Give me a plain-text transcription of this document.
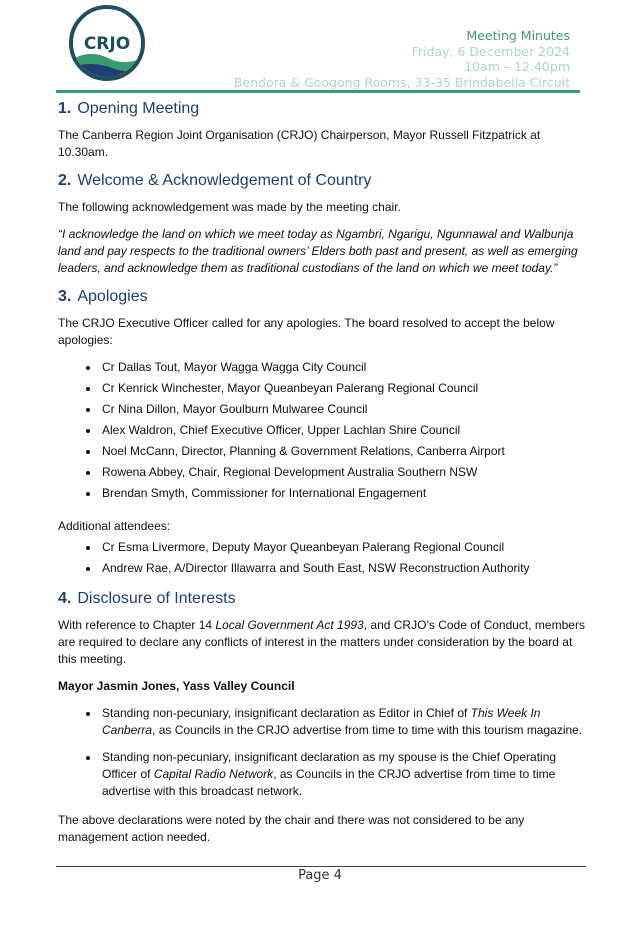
CRJO	Meeting Minutes
Friday, 6 December 2024
10am – 12.40pm
Bendora & Googong Rooms, 33-35 Brindabella Circuit
1. Opening Meeting

The Canberra Region Joint Organisation (CRJO) Chairperson, Mayor Russell Fitzpatrick at 10.30am.

2. Welcome & Acknowledgement of Country

The following acknowledgement was made by the meeting chair.

“I acknowledge the land on which we meet today as Ngambri, Ngarigu, Ngunnawal and Walbunja land and pay respects to the traditional owners’ Elders both past and present, as well as emerging leaders, and acknowledge them as traditional custodians of the land on which we meet today.”

3. Apologies

The CRJO Executive Officer called for any apologies. The board resolved to accept the below apologies:

• Cr Dallas Tout, Mayor Wagga Wagga City Council
• Cr Kenrick Winchester, Mayor Queanbeyan Palerang Regional Council
• Cr Nina Dillon, Mayor Goulburn Mulwaree Council
• Alex Waldron, Chief Executive Officer, Upper Lachlan Shire Council
• Noel McCann, Director, Planning & Government Relations, Canberra Airport
• Rowena Abbey, Chair, Regional Development Australia Southern NSW
• Brendan Smyth, Commissioner for International Engagement

Additional attendees:

• Cr Esma Livermore, Deputy Mayor Queanbeyan Palerang Regional Council
• Andrew Rae, A/Director Illawarra and South East, NSW Reconstruction Authority
4. Disclosure of Interests

With reference to Chapter 14 Local Government Act 1993, and CRJO’s Code of Conduct, members are required to declare any conflicts of interest in the matters under consideration by the board at this meeting.

Mayor Jasmin Jones, Yass Valley Council

• Standing non-pecuniary, insignificant declaration as Editor in Chief of This Week In Canberra, as Councils in the CRJO advertise from time to time with this tourism magazine.
• Standing non-pecuniary, insignificant declaration as my spouse is the Chief Operating Officer of Capital Radio Network, as Councils in the CRJO advertise from time to time advertise with this broadcast network.

The above declarations were noted by the chair and there was not considered to be any management action needed.

Page 4
